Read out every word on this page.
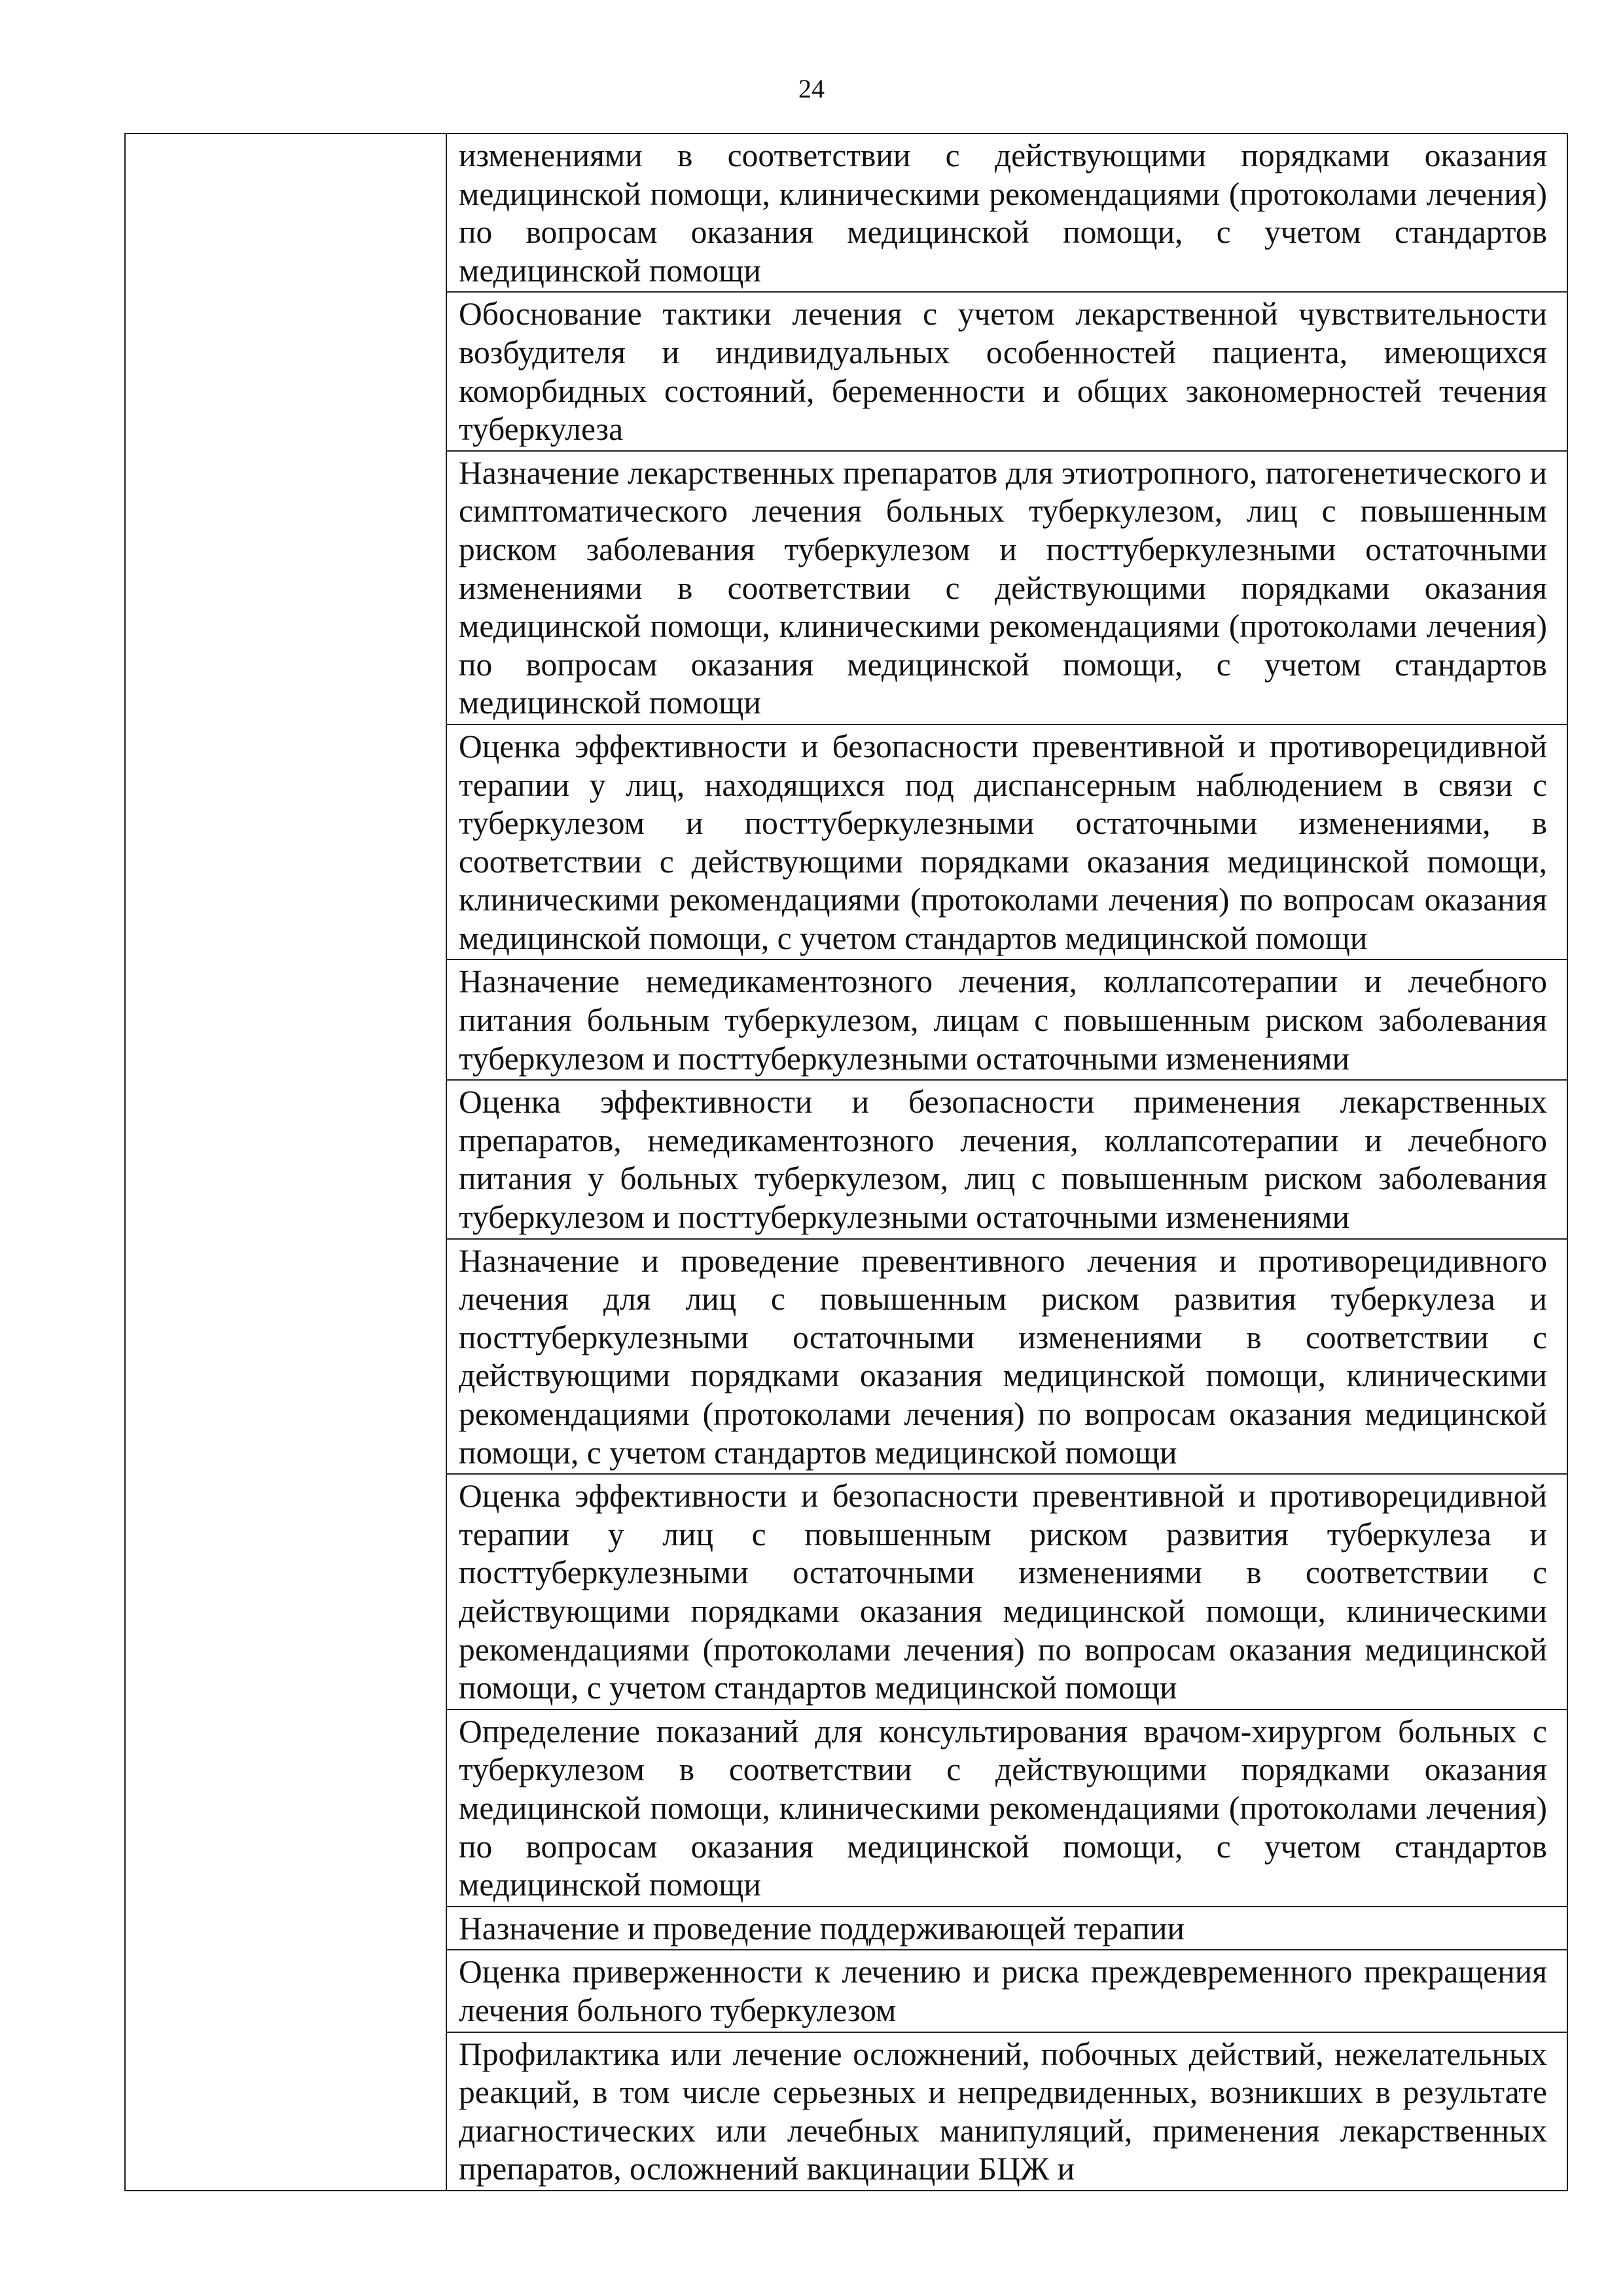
24
	изменениями в соответствии с действующими порядками оказания медицинской помощи, клиническими рекомендациями (протоколами лечения) по вопросам оказания медицинской помощи, с учетом стандартов медицинской помощи
Обоснование тактики лечения с учетом лекарственной чувствительности возбудителя и индивидуальных особенностей пациента, имеющихся коморбидных состояний, беременности и общих закономерностей течения туберкулеза
Назначение лекарственных препаратов для этиотропного, патогенетического и симптоматического лечения больных туберкулезом, лиц с повышенным риском заболевания туберкулезом и посттуберкулезными остаточными изменениями в соответствии с действующими порядками оказания медицинской помощи, клиническими рекомендациями (протоколами лечения) по вопросам оказания медицинской помощи, с учетом стандартов медицинской помощи
Оценка эффективности и безопасности превентивной и противорецидивной терапии у лиц, находящихся под диспансерным наблюдением в связи с туберкулезом и посттуберкулезными остаточными изменениями, в соответствии с действующими порядками оказания медицинской помощи, клиническими рекомендациями (протоколами лечения) по вопросам оказания медицинской помощи, с учетом стандартов медицинской помощи
Назначение немедикаментозного лечения, коллапсотерапии и лечебного питания больным туберкулезом, лицам с повышенным риском заболевания туберкулезом и посттуберкулезными остаточными изменениями
Оценка эффективности и безопасности применения лекарственных препаратов, немедикаментозного лечения, коллапсотерапии и лечебного питания у больных туберкулезом, лиц с повышенным риском заболевания туберкулезом и посттуберкулезными остаточными изменениями
Назначение и проведение превентивного лечения и противорецидивного лечения для лиц с повышенным риском развития туберкулеза и посттуберкулезными остаточными изменениями в соответствии с действующими порядками оказания медицинской помощи, клиническими рекомендациями (протоколами лечения) по вопросам оказания медицинской помощи, с учетом стандартов медицинской помощи
Оценка эффективности и безопасности превентивной и противорецидивной терапии у лиц с повышенным риском развития туберкулеза и посттуберкулезными остаточными изменениями в соответствии с действующими порядками оказания медицинской помощи, клиническими рекомендациями (протоколами лечения) по вопросам оказания медицинской помощи, с учетом стандартов медицинской помощи
Определение показаний для консультирования врачом-хирургом больных с туберкулезом в соответствии с действующими порядками оказания медицинской помощи, клиническими рекомендациями (протоколами лечения) по вопросам оказания медицинской помощи, с учетом стандартов медицинской помощи
Назначение и проведение поддерживающей терапии
Оценка приверженности к лечению и риска преждевременного прекращения лечения больного туберкулезом
Профилактика или лечение осложнений, побочных действий, нежелательных реакций, в том числе серьезных и непредвиденных, возникших в результате диагностических или лечебных манипуляций, применения лекарственных препаратов, осложнений вакцинации БЦЖ и
